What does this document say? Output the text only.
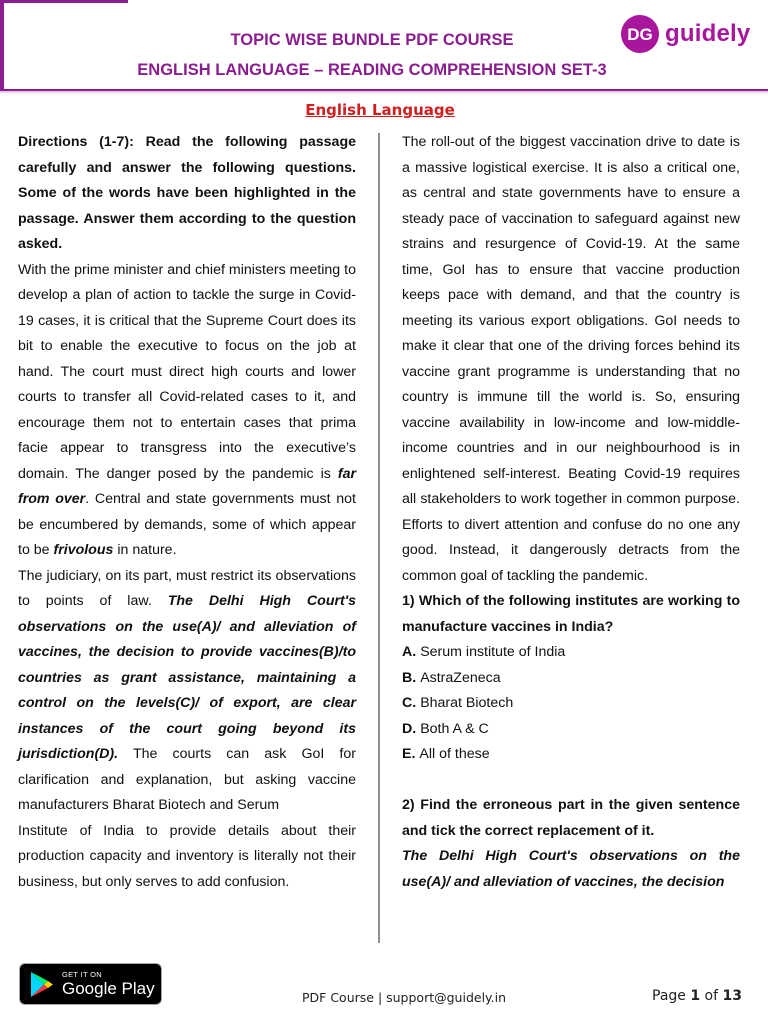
TOPIC WISE BUNDLE PDF COURSE
ENGLISH LANGUAGE – READING COMPREHENSION SET-3
DG guidely
English Language

Directions (1-7): Read the following passage carefully and answer the following questions. Some of the words have been highlighted in the passage. Answer them according to the question asked.

With the prime minister and chief ministers meeting to develop a plan of action to tackle the surge in Covid-19 cases, it is critical that the Supreme Court does its bit to enable the executive to focus on the job at hand. The court must direct high courts and lower courts to transfer all Covid-related cases to it, and encourage them not to entertain cases that prima facie appear to transgress into the executive’s domain. The danger posed by the pandemic is far from over. Central and state governments must not be encumbered by demands, some of which appear to be frivolous in nature.

The judiciary, on its part, must restrict its observations to points of law. The Delhi High Court's observations on the use(A)/ and alleviation of vaccines, the decision to provide vaccines(B)/to countries as grant assistance, maintaining a control on the levels(C)/ of export, are clear instances of the court going beyond its jurisdiction(D). The courts can ask GoI for clarification and explanation, but asking vaccine manufacturers Bharat Biotech and Serum

Institute of India to provide details about their production capacity and inventory is literally not their business, but only serves to add confusion.

The roll-out of the biggest vaccination drive to date is a massive logistical exercise. It is also a critical one, as central and state governments have to ensure a steady pace of vaccination to safeguard against new strains and resurgence of Covid-19. At the same time, GoI has to ensure that vaccine production keeps pace with demand, and that the country is meeting its various export obligations. GoI needs to make it clear that one of the driving forces behind its vaccine grant programme is understanding that no country is immune till the world is. So, ensuring vaccine availability in low-income and low-middle-income countries and in our neighbourhood is in enlightened self-interest. Beating Covid-19 requires all stakeholders to work together in common purpose. Efforts to divert attention and confuse do no one any good. Instead, it dangerously detracts from the common goal of tackling the pandemic.

1) Which of the following institutes are working to manufacture vaccines in India?

A. Serum institute of India
B. AstraZeneca
C. Bharat Biotech
D. Both A & C
E. All of these

2) Find the erroneous part in the given sentence and tick the correct replacement of it.

The Delhi High Court's observations on the use(A)/ and alleviation of vaccines, the decision

GET IT ON
Google Play	PDF Course | support@guidely.in	Page 1 of 13
